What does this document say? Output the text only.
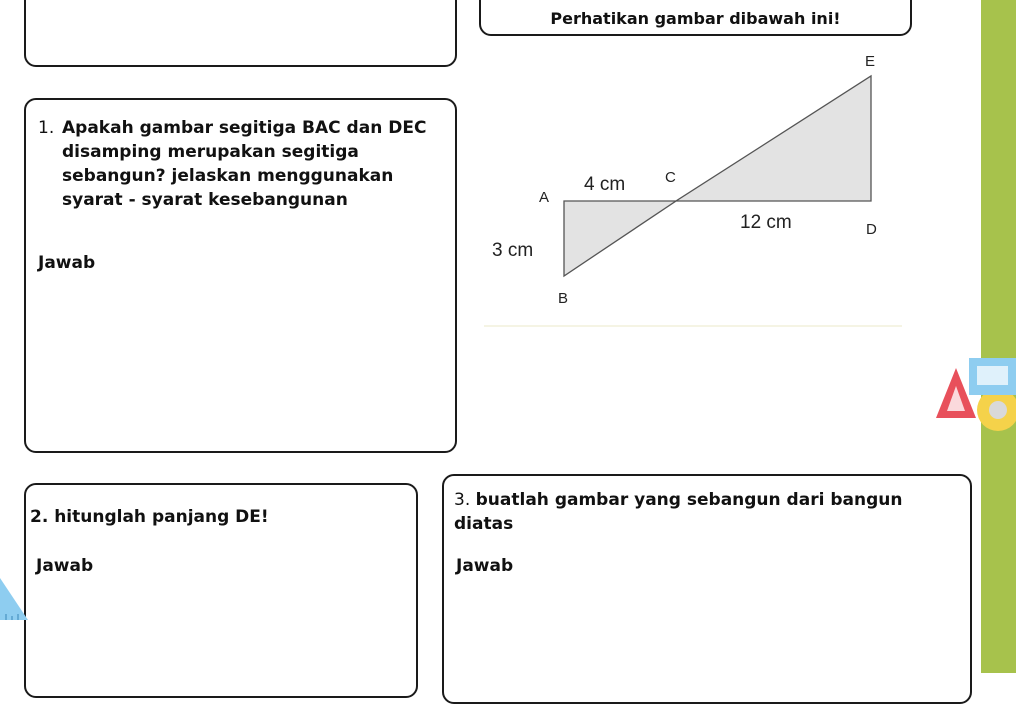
Perhatikan gambar dibawah ini!
1. Apakah gambar segitiga BAC dan DEC disamping merupakan segitiga sebangun? jelaskan menggunakan syarat - syarat kesebangunan
Jawab
A
B
C
D
E
4 cm
12 cm
3 cm
2. hitunglah panjang DE!
Jawab
3. buatlah gambar yang sebangun dari bangun diatas
Jawab
